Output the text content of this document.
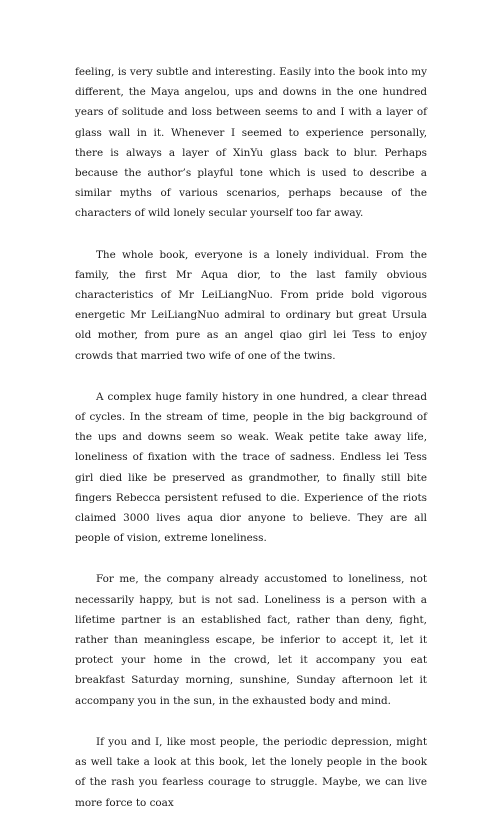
feeling, is very subtle and interesting. Easily into the book into my different, the Maya angelou, ups and downs in the one hundred years of solitude and loss between seems to and I with a layer of glass wall in it. Whenever I seemed to experience personally, there is always a layer of XinYu glass back to blur. Perhaps because the author’s playful tone which is used to describe a similar myths of various scenarios, perhaps because of the characters of wild lonely secular yourself too far away.

The whole book, everyone is a lonely individual. From the family, the first Mr Aqua dior, to the last family obvious characteristics of Mr LeiLiangNuo. From pride bold vigorous energetic Mr LeiLiangNuo admiral to ordinary but great Ursula old mother, from pure as an angel qiao girl lei Tess to enjoy crowds that married two wife of one of the twins.

A complex huge family history in one hundred, a clear thread of cycles. In the stream of time, people in the big background of the ups and downs seem so weak. Weak petite take away life, loneliness of fixation with the trace of sadness. Endless lei Tess girl died like be preserved as grandmother, to finally still bite fingers Rebecca persistent refused to die. Experience of the riots claimed 3000 lives aqua dior anyone to believe. They are all people of vision, extreme loneliness.

For me, the company already accustomed to loneliness, not necessarily happy, but is not sad. Loneliness is a person with a lifetime partner is an established fact, rather than deny, fight, rather than meaningless escape, be inferior to accept it, let it protect your home in the crowd, let it accompany you eat breakfast Saturday morning, sunshine, Sunday afternoon let it accompany you in the sun, in the exhausted body and mind.

If you and I, like most people, the periodic depression, might as well take a look at this book, let the lonely people in the book of the rash you fearless courage to struggle. Maybe, we can live more force to coax
